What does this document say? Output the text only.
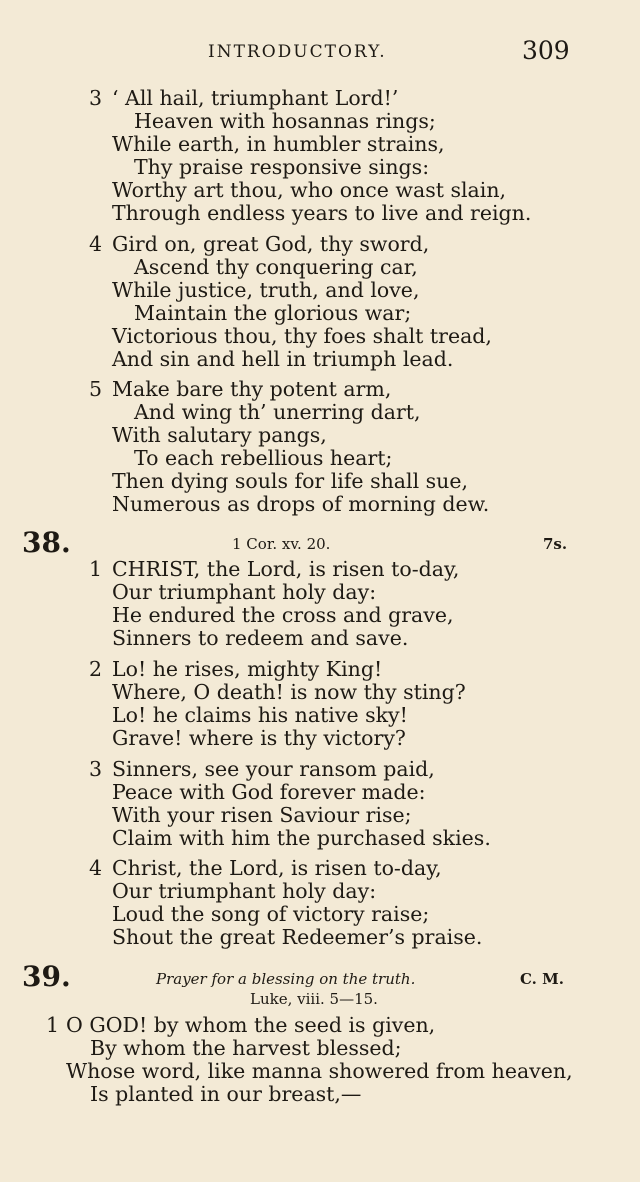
INTRODUCTORY.	309
3 ‘ All hail, triumphant Lord!’
Heaven with hosannas rings;
While earth, in humbler strains,
Thy praise responsive sings:
Worthy art thou, who once wast slain,
Through endless years to live and reign.
4 Gird on, great God, thy sword,
Ascend thy conquering car,
While justice, truth, and love,
Maintain the glorious war;
Victorious thou, thy foes shalt tread,
And sin and hell in triumph lead.
5 Make bare thy potent arm,
And wing th’ unerring dart,
With salutary pangs,
To each rebellious heart;
Then dying souls for life shall sue,
Numerous as drops of morning dew.
38.	1 Cor. xv. 20.	7s.
1 CHRIST, the Lord, is risen to-day,
Our triumphant holy day:
He endured the cross and grave,
Sinners to redeem and save.
2 Lo! he rises, mighty King!
Where, O death! is now thy sting?
Lo! he claims his native sky!
Grave! where is thy victory?
3 Sinners, see your ransom paid,
Peace with God forever made:
With your risen Saviour rise;
Claim with him the purchased skies.
4 Christ, the Lord, is risen to-day,
Our triumphant holy day:
Loud the song of victory raise;
Shout the great Redeemer’s praise.
39.	Prayer for a blessing on the truth.	C. M.
Luke, viii. 5—15.
1 O GOD! by whom the seed is given,
By whom the harvest blessed;
Whose word, like manna showered from heaven,
Is planted in our breast,—
